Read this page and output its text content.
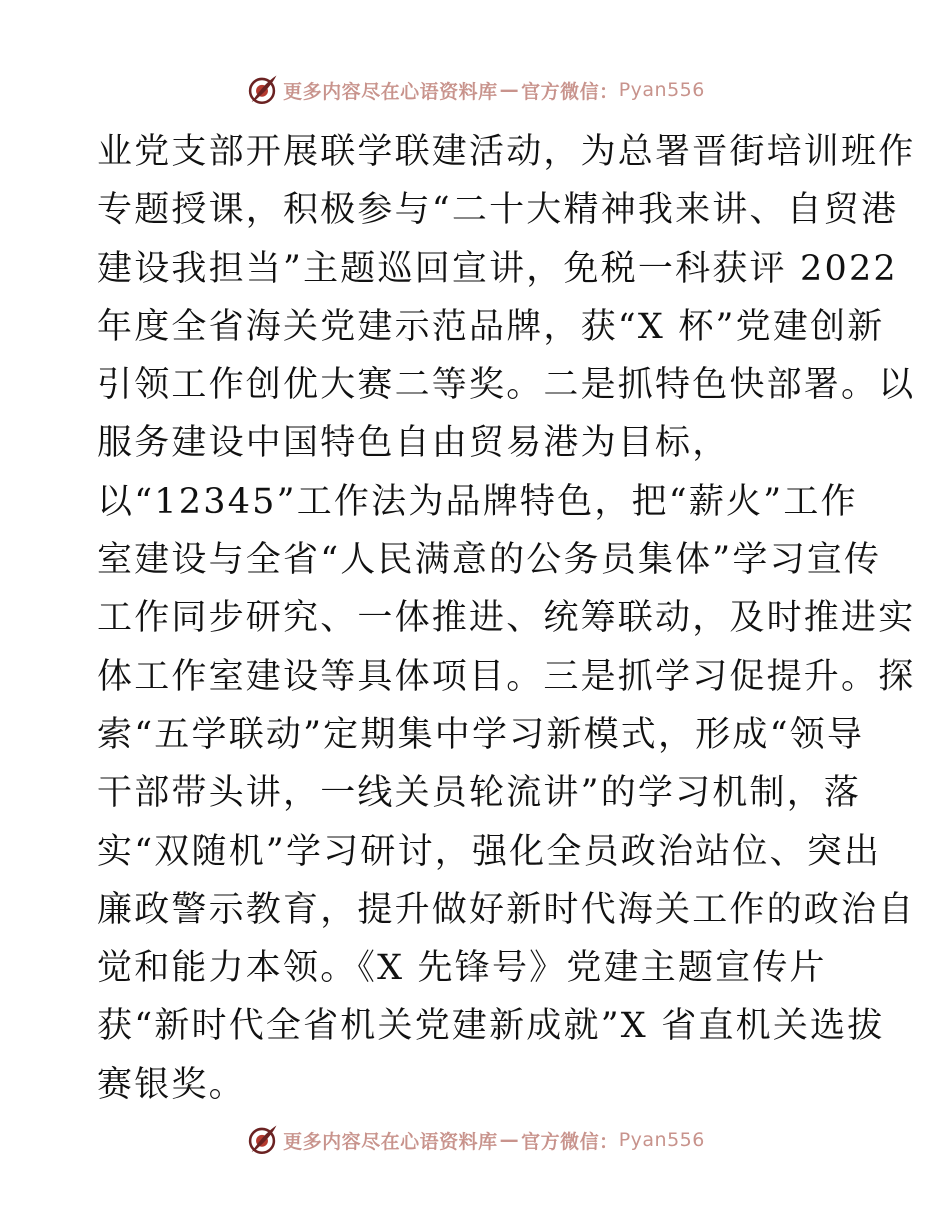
更多内容尽在心语资料库 — 官方微信： Pyan556
业党支部开展联学联建活动，为总署晋街培训班作
专题授课，积极参与“二十大精神我来讲、自贸港
建设我担当”主题巡回宣讲，免税一科获评 2022
年度全省海关党建示范品牌，获“X 杯”党建创新
引领工作创优大赛二等奖。二是抓特色快部署。以
服务建设中国特色自由贸易港为目标，
以“12345”工作法为品牌特色，把“薪火”工作
室建设与全省“人民满意的公务员集体”学习宣传
工作同步研究、一体推进、统筹联动，及时推进实
体工作室建设等具体项目。三是抓学习促提升。探
索“五学联动”定期集中学习新模式，形成“领导
干部带头讲，一线关员轮流讲”的学习机制，落
实“双随机”学习研讨，强化全员政治站位、突出
廉政警示教育，提升做好新时代海关工作的政治自
觉和能力本领。《X 先锋号》党建主题宣传片
获“新时代全省机关党建新成就”X 省直机关选拔
赛银奖。
更多内容尽在心语资料库 — 官方微信： Pyan556
